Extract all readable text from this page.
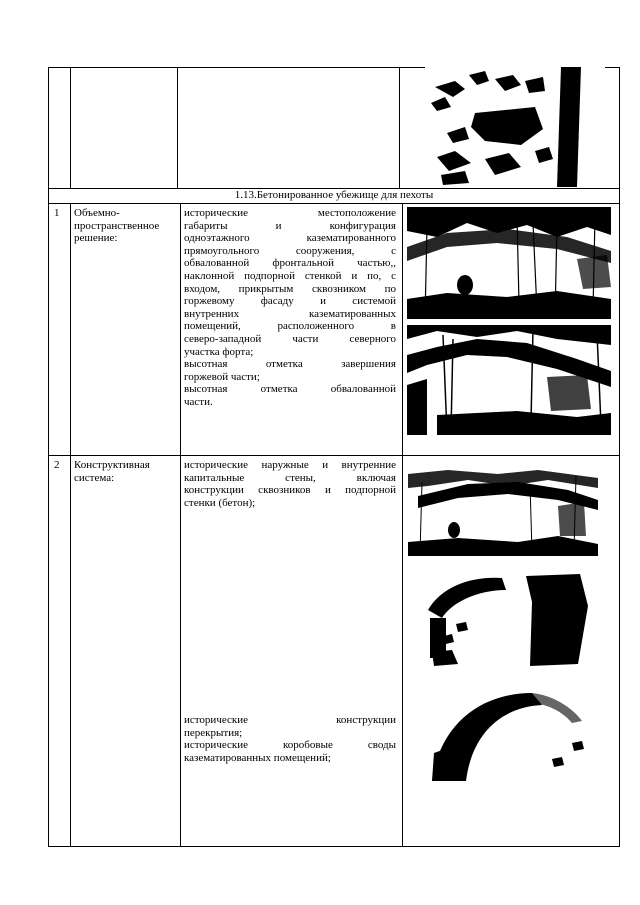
1.13.Бетонированное убежище для пехоты
1 Объемно-
пространственное
решение:
исторические местоположение
габариты и конфигурация
одноэтажного казематированного
прямоугольного сооружения, с
обвалованной фронтальной частью,,
наклонной подпорной стенкой и по, с
входом, прикрытым сквозником по
горжевому фасаду и системой
внутренних казематированных
помещений, расположенного в
северо-западной части северного
участка форта;
высотная отметка завершения
горжевой части;
высотная отметка обвалованной
части.
2 Конструктивная
система:
исторические наружные и внутренние
капитальные стены, включая
конструкции сквозников и подпорной
стенки (бетон);
исторические конструкции
перекрытия;
исторические коробовые своды
казематированных помещений;
